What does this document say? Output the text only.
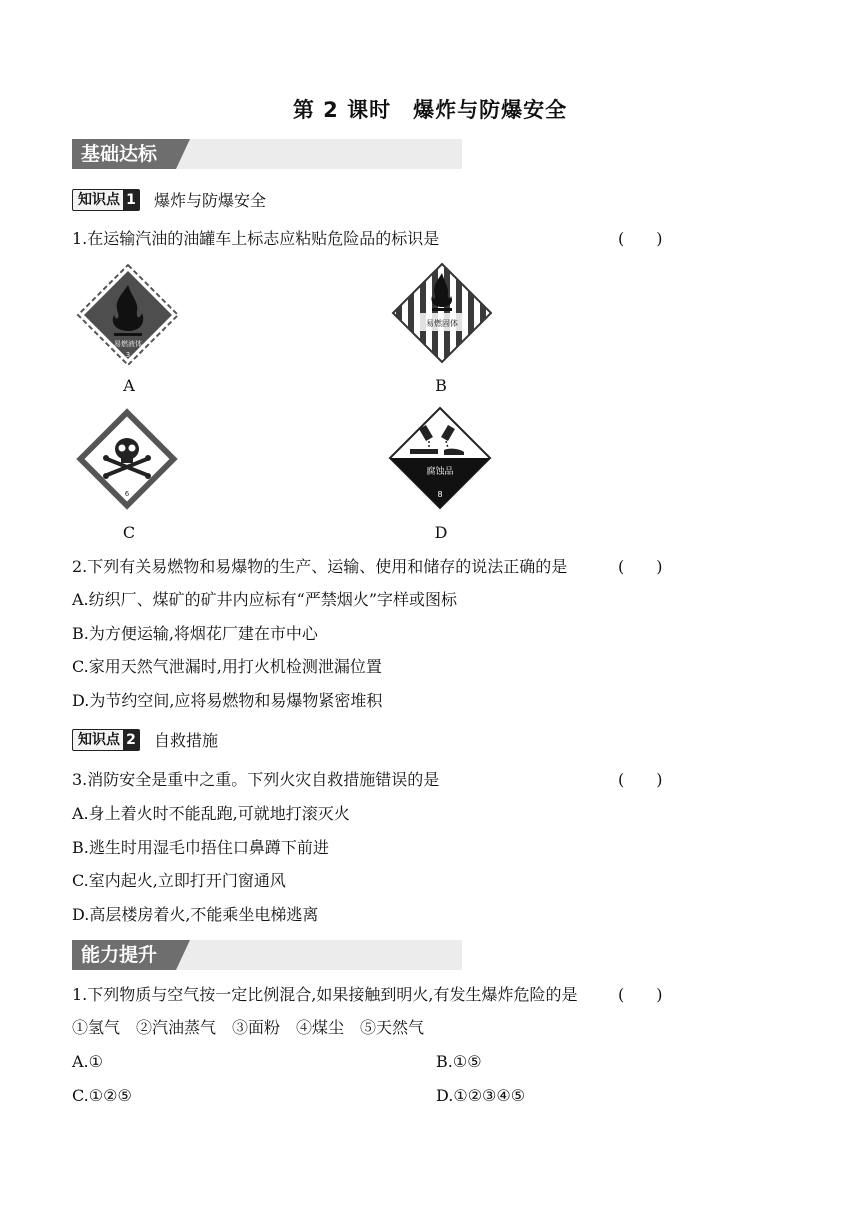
第 2 课时　爆炸与防爆安全
基础达标
知识点 1 爆炸与防爆安全
1.在运输汽油的油罐车上标志应粘贴危险品的标识是	(　　)
易燃液体
3
A
易燃固体
4
B
6
C
腐蚀品
8
D
2.下列有关易燃物和易爆物的生产、运输、使用和储存的说法正确的是	(　　)
A.纺织厂、煤矿的矿井内应标有“严禁烟火”字样或图标
B.为方便运输,将烟花厂建在市中心
C.家用天然气泄漏时,用打火机检测泄漏位置
D.为节约空间,应将易燃物和易爆物紧密堆积
知识点 2 自救措施
3.消防安全是重中之重。下列火灾自救措施错误的是	(　　)
A.身上着火时不能乱跑,可就地打滚灭火
B.逃生时用湿毛巾捂住口鼻蹲下前进
C.室内起火,立即打开门窗通风
D.高层楼房着火,不能乘坐电梯逃离
能力提升
1.下列物质与空气按一定比例混合,如果接触到明火,有发生爆炸危险的是	(　　)
①氢气　②汽油蒸气　③面粉　④煤尘　⑤天然气
A.①	B.①⑤
C.①②⑤	D.①②③④⑤
